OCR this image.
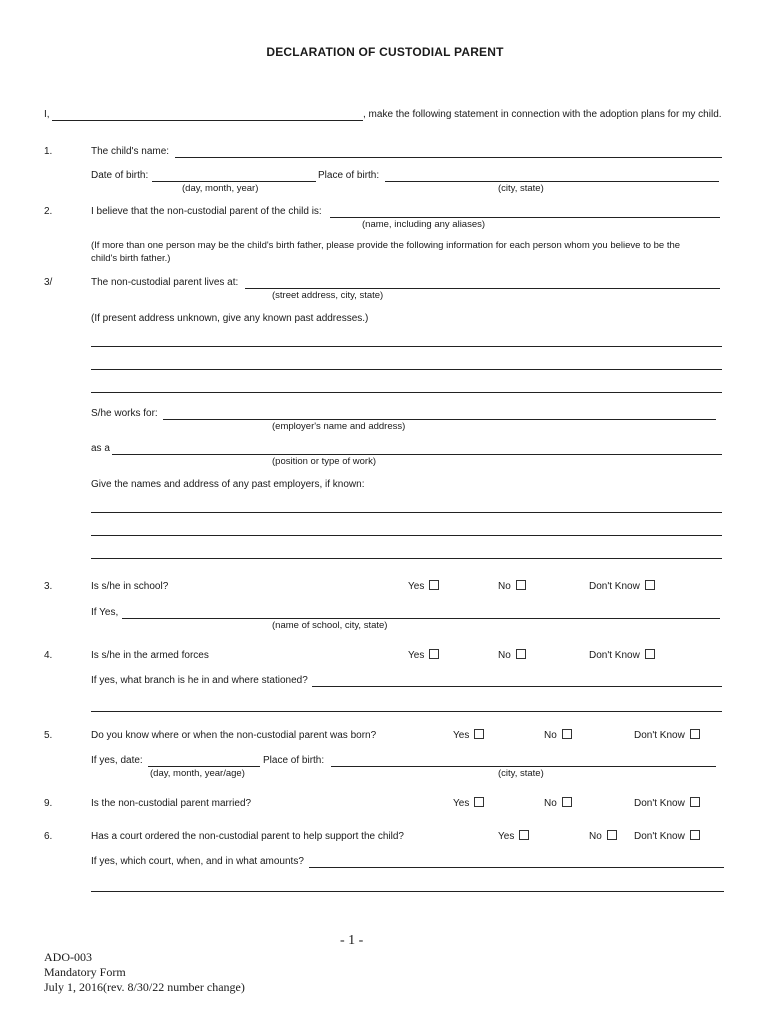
DECLARATION OF CUSTODIAL PARENT
I,	, make the following statement in connection with the adoption plans for my child.
1.	The child's name:
Date of birth:	Place of birth:
(day, month, year)	(city, state)
2.	I believe that the non-custodial parent of the child is:
(name, including any aliases)
(If more than one person may be the child's birth father, please provide the following information for each person whom you believe to be the
child's birth father.)
3/	The non-custodial parent lives at:
(street address, city, state)
(If present address unknown, give any known past addresses.)
S/he works for:
(employer's name and address)
as a
(position or type of work)
Give the names and address of any past employers, if known:
3.	Is s/he in school?	Yes	No	Don't Know
If Yes,
(name of school, city, state)
4.	Is s/he in the armed forces	Yes	No	Don't Know
If yes, what branch is he in and where stationed?
5.	Do you know where or when the non-custodial parent was born?	Yes	No	Don't Know
If yes, date:	Place of birth:
(day, month, year/age)	(city, state)
9.	Is the non-custodial parent married?	Yes	No	Don't Know
6.	Has a court ordered the non-custodial parent to help support the child?	Yes	No	Don't Know
If yes, which court, when, and in what amounts?
- 1 -
ADO-003
Mandatory Form
July 1, 2016(rev. 8/30/22 number change)
